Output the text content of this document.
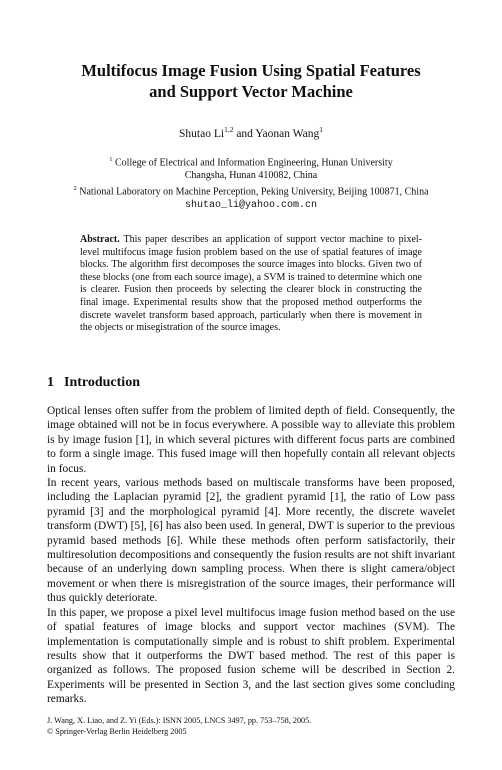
Multifocus Image Fusion Using Spatial Features
and Support Vector Machine
Shutao Li$^{1,2}$ and Yaonan Wang$^1$
$^1$ College of Electrical and Information Engineering, Hunan University
Changsha, Hunan 410082, China
$^2$ National Laboratory on Machine Perception, Peking University, Beijing 100871, China
shutao_li@yahoo.com.cn
Abstract. This paper describes an application of support vector machine to pixel-level multifocus image fusion problem based on the use of spatial features of image blocks. The algorithm first decomposes the source images into blocks. Given two of these blocks (one from each source image), a SVM is trained to determine which one is clearer. Fusion then proceeds by selecting the clearer block in constructing the final image. Experimental results show that the proposed method outperforms the discrete wavelet transform based approach, particularly when there is movement in the objects or misegistration of the source images.
1 Introduction

Optical lenses often suffer from the problem of limited depth of field. Consequently, the image obtained will not be in focus everywhere. A possible way to alleviate this problem is by image fusion [1], in which several pictures with different focus parts are combined to form a single image. This fused image will then hopefully contain all relevant objects in focus.

In recent years, various methods based on multiscale transforms have been proposed, including the Laplacian pyramid [2], the gradient pyramid [1], the ratio of Low pass pyramid [3] and the morphological pyramid [4]. More recently, the discrete wavelet transform (DWT) [5], [6] has also been used. In general, DWT is superior to the previous pyramid based methods [6]. While these methods often perform satisfactorily, their multiresolution decompositions and consequently the fusion results are not shift invariant because of an underlying down sampling process. When there is slight camera/object movement or when there is misregistration of the source images, their performance will thus quickly deteriorate.

In this paper, we propose a pixel level multifocus image fusion method based on the use of spatial features of image blocks and support vector machines (SVM). The implementation is computationally simple and is robust to shift problem. Experimental results show that it outperforms the DWT based method. The rest of this paper is organized as follows. The proposed fusion scheme will be described in Section 2. Experiments will be presented in Section 3, and the last section gives some concluding remarks.

J. Wang, X. Liao, and Z. Yi (Eds.): ISNN 2005, LNCS 3497, pp. 753–758, 2005.
© Springer-Verlag Berlin Heidelberg 2005
